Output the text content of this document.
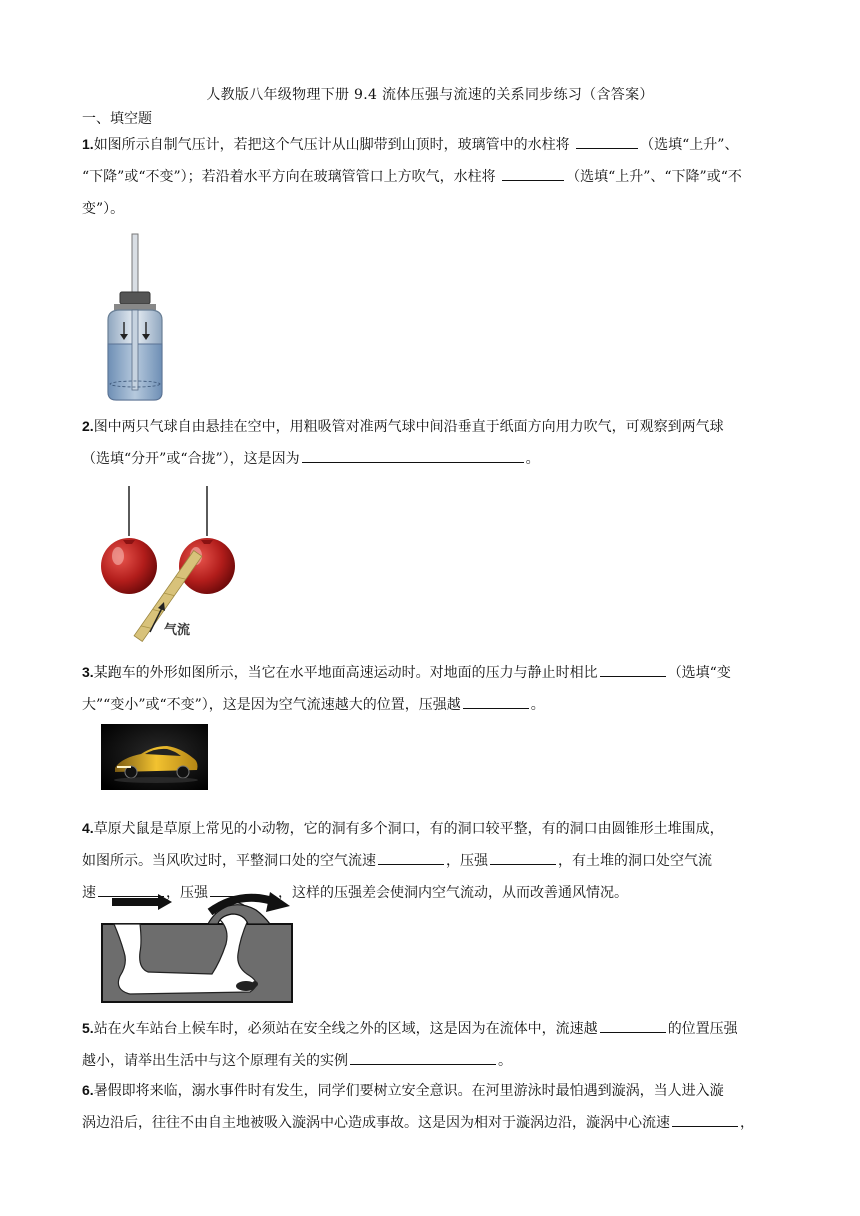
人教版八年级物理下册 9.4 流体压强与流速的关系同步练习（含答案）
一、填空题
1.如图所示自制气压计，若把这个气压计从山脚带到山顶时，玻璃管中的水柱将	（选填“上升”、
“下降”或“不变”）；若沿着水平方向在玻璃管管口上方吹气，水柱将	（选填“上升”、“下降”或“不
变”）。
2.图中两只气球自由悬挂在空中，用粗吸管对准两气球中间沿垂直于纸面方向用力吹气，可观察到两气球
（选填“分开”或“合拢”），这是因为	。
气流
3.某跑车的外形如图所示，当它在水平地面高速运动时。对地面的压力与静止时相比	（选填“变
大”“变小”或“不变”），这是因为空气流速越大的位置，压强越	。
4.草原犬鼠是草原上常见的小动物，它的洞有多个洞口，有的洞口较平整，有的洞口由圆锥形土堆围成，
如图所示。当风吹过时，平整洞口处的空气流速	，压强	，有土堆的洞口处空气流
速	，压强	，这样的压强差会使洞内空气流动，从而改善通风情况。
5.站在火车站台上候车时，必须站在安全线之外的区域，这是因为在流体中，流速越	的位置压强
越小，请举出生活中与这个原理有关的实例	。
6.暑假即将来临，溺水事件时有发生，同学们要树立安全意识。在河里游泳时最怕遇到漩涡，当人进入漩
涡边沿后，往往不由自主地被吸入漩涡中心造成事故。这是因为相对于漩涡边沿，漩涡中心流速	，
